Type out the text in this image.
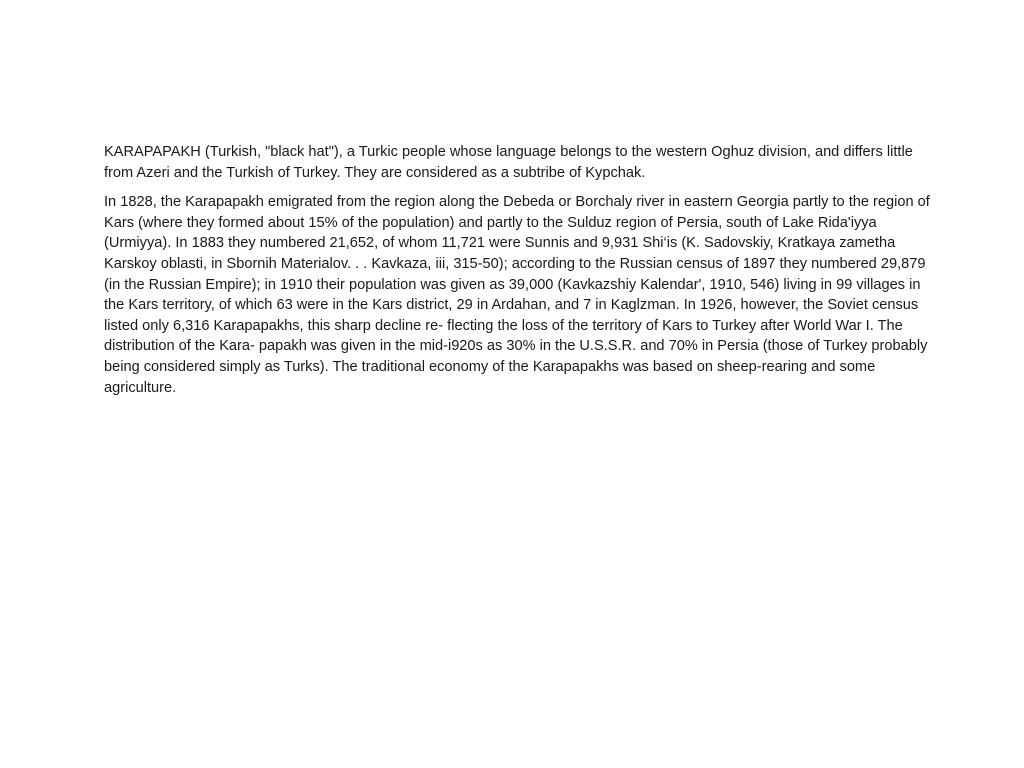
KARAPAPAKH (Turkish, "black hat"), a Turkic people whose language belongs to the western Oghuz division, and differs little from Azeri and the Turkish of Turkey. They are considered as a subtribe of Kypchak.

In 1828, the Karapapakh emigrated from the region along the Debeda or Borchaly river in eastern Georgia partly to the region of Kars (where they formed about 15% of the population) and partly to the Sulduz region of Persia, south of Lake Rida'iyya (Urmiyya). In 1883 they numbered 21,652, of whom 11,721 were Sunnis and 9,931 Shi‘is (K. Sadovskiy, Kratkaya zametha Karskoy oblasti, in Sbornih Materialov. . . Kavkaza, iii, 315-50); according to the Russian census of 1897 they numbered 29,879 (in the Russian Empire); in 1910 their population was given as 39,000 (Kavkazshiy Kalendar', 1910, 546) living in 99 villages in the Kars territory, of which 63 were in the Kars district, 29 in Ardahan, and 7 in Kaglzman. In 1926, however, the Soviet census listed only 6,316 Karapapakhs, this sharp decline re- flecting the loss of the territory of Kars to Turkey after World War I. The distribution of the Kara- papakh was given in the mid-i920s as 30% in the U.S.S.R. and 70% in Persia (those of Turkey probably being considered simply as Turks). The traditional economy of the Karapapakhs was based on sheep-rearing and some agriculture.
